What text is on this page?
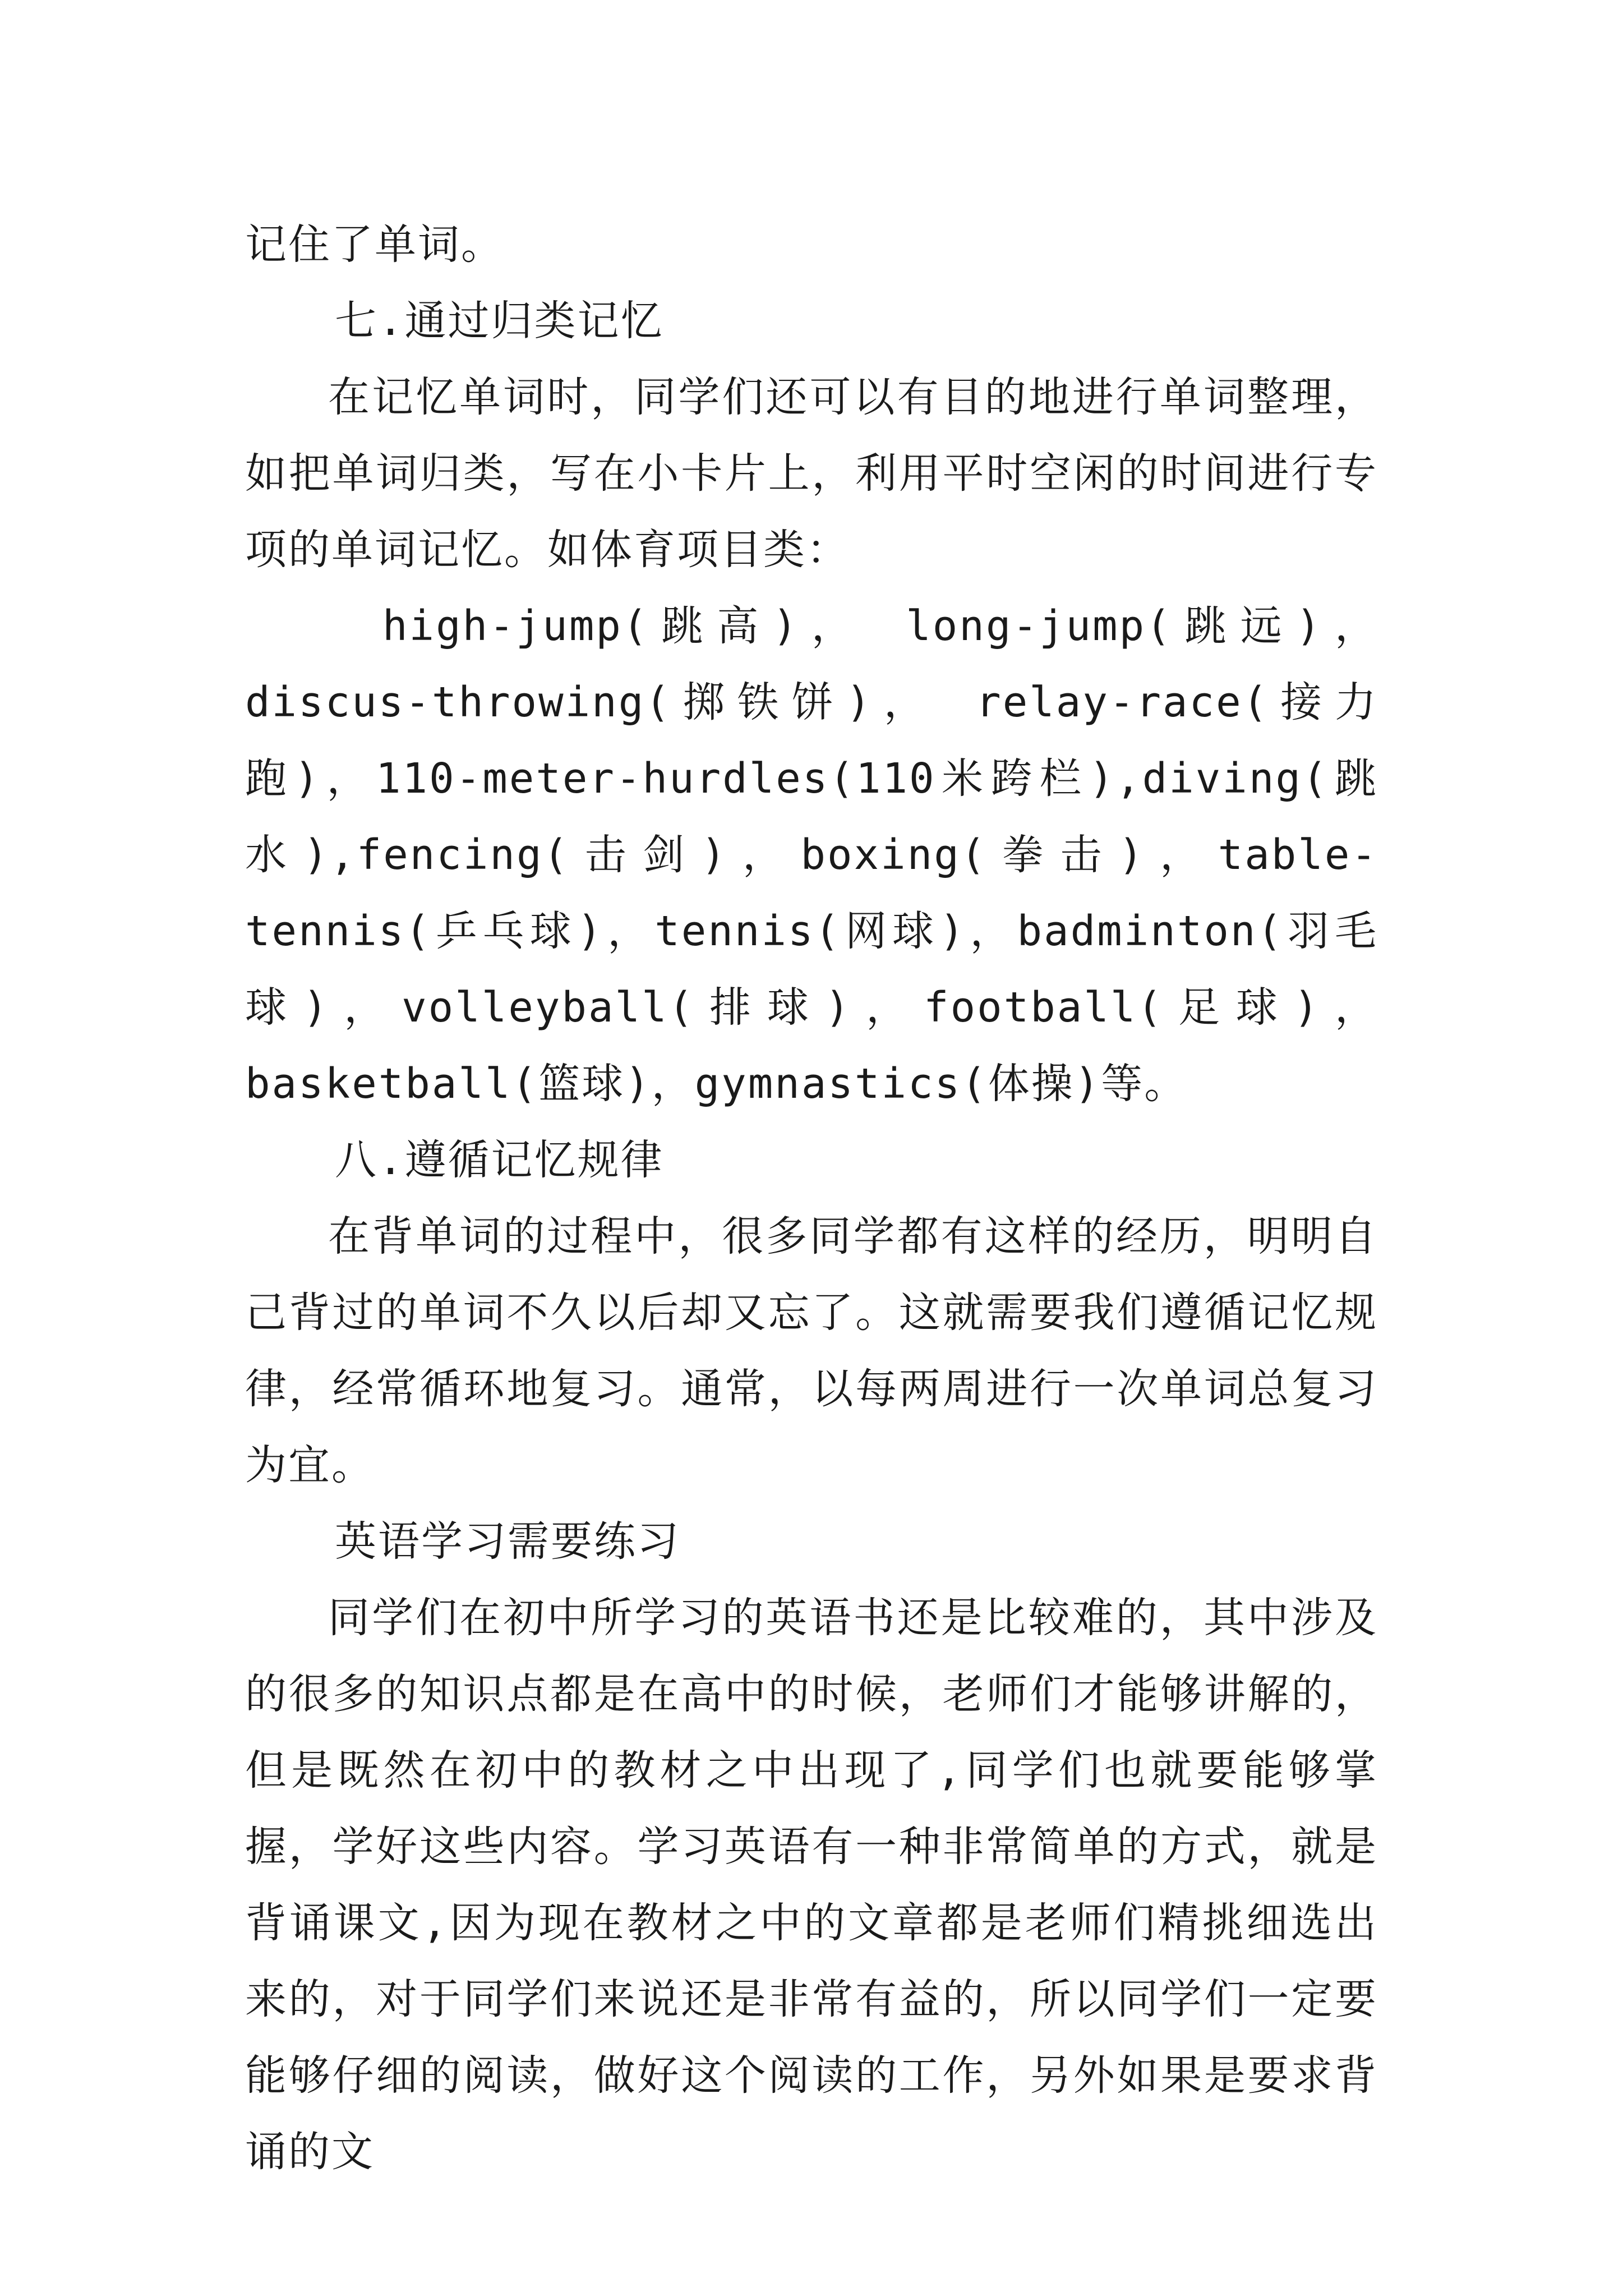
记住了单词。

七.通过归类记忆

在记忆单词时，同学们还可以有目的地进行单词整理，如把单词归类，写在小卡片上，利用平时空闲的时间进行专项的单词记忆。如体育项目类：

high-jump(跳高)， long-jump(跳远)，discus-throwing(掷铁饼)， relay-race(接力跑)，110-meter-hurdles(110米跨栏),diving(跳水),fencing(击剑)，boxing(拳击)，table-tennis(乒乓球)，tennis(网球)，badminton(羽毛球)，volleyball(排球)，football(足球)，basketball(篮球)，gymnastics(体操)等。

八.遵循记忆规律

在背单词的过程中，很多同学都有这样的经历，明明自己背过的单词不久以后却又忘了。这就需要我们遵循记忆规律，经常循环地复习。通常，以每两周进行一次单词总复习为宜。

英语学习需要练习

同学们在初中所学习的英语书还是比较难的，其中涉及的很多的知识点都是在高中的时候，老师们才能够讲解的，但是既然在初中的教材之中出现了,同学们也就要能够掌握，学好这些内容。学习英语有一种非常简单的方式，就是背诵课文,因为现在教材之中的文章都是老师们精挑细选出来的，对于同学们来说还是非常有益的，所以同学们一定要能够仔细的阅读，做好这个阅读的工作，另外如果是要求背诵的文
